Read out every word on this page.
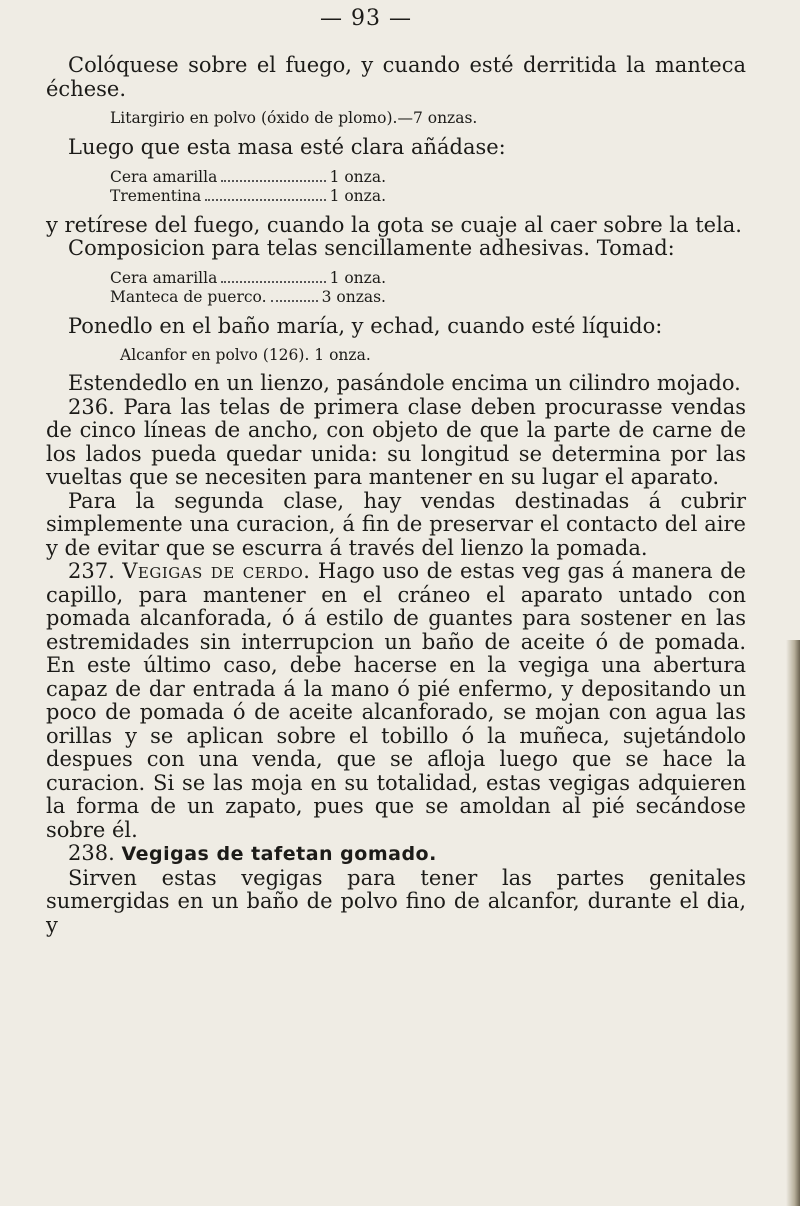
— 93 —

Colóquese sobre el fuego, y cuando esté derritida la manteca échese.

Litargirio en polvo (óxido de plomo). —7 onzas.

Luego que esta masa esté clara añádase:

Cera amarilla	1 onza.
Trementina	1 onza.

y retírese del fuego, cuando la gota se cuaje al caer sobre la tela.

Composicion para telas sencillamente adhesivas. Tomad:

Cera amarilla	1 onza.
Manteca de puerco.	3 onzas.

Ponedlo en el baño maría, y echad, cuando esté líquido:

Alcanfor en polvo (126). 1 onza.

Estendedlo en un lienzo, pasándole encima un cilindro mojado.

236. Para las telas de primera clase deben procurasse vendas de cinco líneas de ancho, con objeto de que la parte de carne de los lados pueda quedar unida: su longitud se determina por las vueltas que se necesiten para mantener en su lugar el aparato.

Para la segunda clase, hay vendas destinadas á cubrir simplemente una curacion, á fin de preservar el contacto del aire y de evitar que se escurra á través del lienzo la pomada.

237. Vegigas de cerdo. Hago uso de estas veg gas á manera de capillo, para mantener en el cráneo el aparato untado con pomada alcanforada, ó á estilo de guantes para sostener en las estremidades sin interrupcion un baño de aceite ó de pomada. En este último caso, debe hacerse en la vegiga una abertura capaz de dar entrada á la mano ó pié enfermo, y depositando un poco de pomada ó de aceite alcanforado, se mojan con agua las orillas y se aplican sobre el tobillo ó la muñeca, sujetándolo despues con una venda, que se afloja luego que se hace la curacion. Si se las moja en su totalidad, estas vegigas adquieren la forma de un zapato, pues que se amoldan al pié secándose sobre él.

238. Vegigas de tafetan gomado.

Sirven estas vegigas para tener las partes genitales sumergidas en un baño de polvo fino de alcanfor, durante el dia, y
